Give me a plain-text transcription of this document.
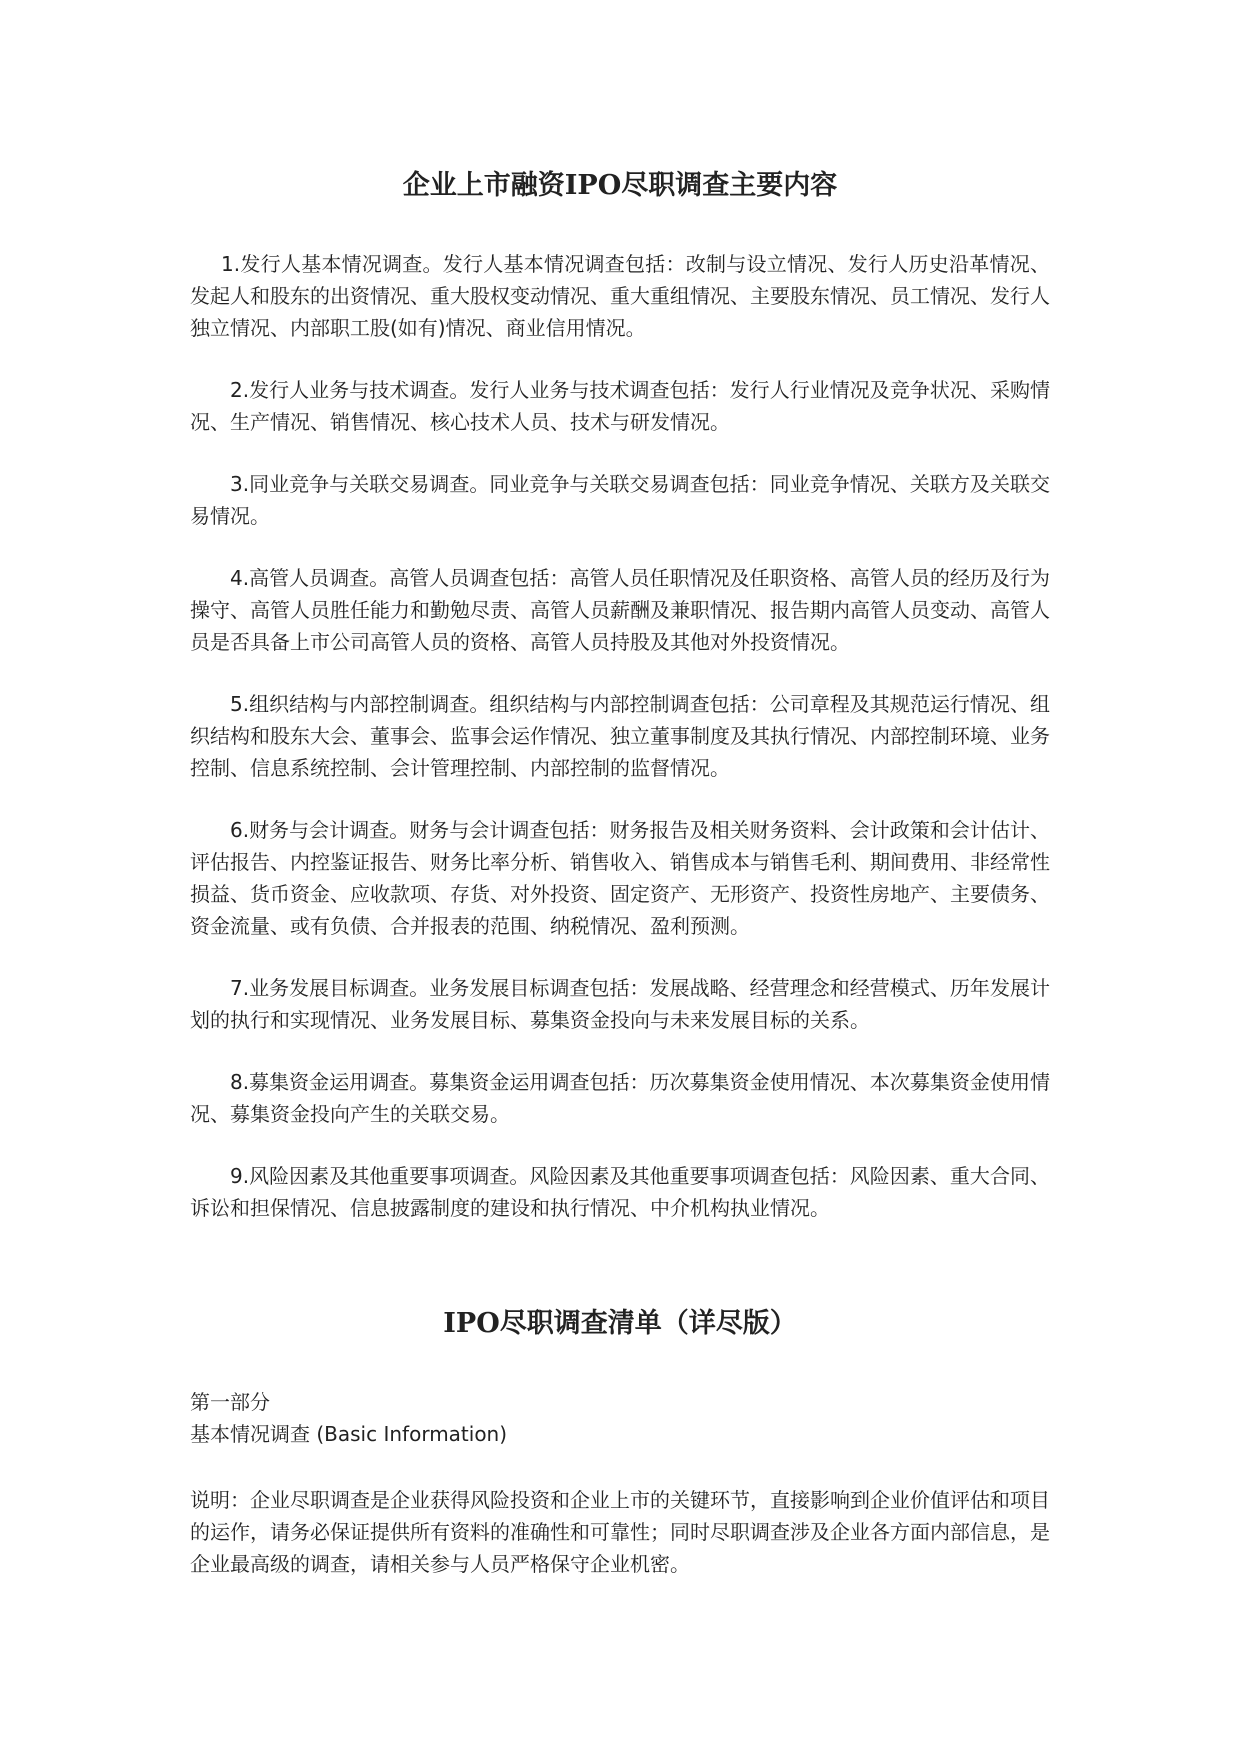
企业上市融资IPO尽职调查主要内容

1.发行人基本情况调查。发行人基本情况调查包括：改制与设立情况、发行人历史沿革情况、发起人和股东的出资情况、重大股权变动情况、重大重组情况、主要股东情况、员工情况、发行人独立情况、内部职工股(如有)情况、商业信用情况。

2.发行人业务与技术调查。发行人业务与技术调查包括：发行人行业情况及竞争状况、采购情况、生产情况、销售情况、核心技术人员、技术与研发情况。

3.同业竞争与关联交易调查。同业竞争与关联交易调查包括：同业竞争情况、关联方及关联交易情况。

4.高管人员调查。高管人员调查包括：高管人员任职情况及任职资格、高管人员的经历及行为操守、高管人员胜任能力和勤勉尽责、高管人员薪酬及兼职情况、报告期内高管人员变动、高管人员是否具备上市公司高管人员的资格、高管人员持股及其他对外投资情况。

5.组织结构与内部控制调查。组织结构与内部控制调查包括：公司章程及其规范运行情况、组织结构和股东大会、董事会、监事会运作情况、独立董事制度及其执行情况、内部控制环境、业务控制、信息系统控制、会计管理控制、内部控制的监督情况。

6.财务与会计调查。财务与会计调查包括：财务报告及相关财务资料、会计政策和会计估计、评估报告、内控鉴证报告、财务比率分析、销售收入、销售成本与销售毛利、期间费用、非经常性损益、货币资金、应收款项、存货、对外投资、固定资产、无形资产、投资性房地产、主要债务、资金流量、或有负债、合并报表的范围、纳税情况、盈利预测。

7.业务发展目标调查。业务发展目标调查包括：发展战略、经营理念和经营模式、历年发展计划的执行和实现情况、业务发展目标、募集资金投向与未来发展目标的关系。

8.募集资金运用调查。募集资金运用调查包括：历次募集资金使用情况、本次募集资金使用情况、募集资金投向产生的关联交易。

9.风险因素及其他重要事项调查。风险因素及其他重要事项调查包括：风险因素、重大合同、诉讼和担保情况、信息披露制度的建设和执行情况、中介机构执业情况。

IPO尽职调查清单（详尽版）

第一部分

基本情况调查 (Basic Information)

说明：企业尽职调查是企业获得风险投资和企业上市的关键环节，直接影响到企业价值评估和项目的运作，请务必保证提供所有资料的准确性和可靠性；同时尽职调查涉及企业各方面内部信息，是企业最高级的调查，请相关参与人员严格保守企业机密。
